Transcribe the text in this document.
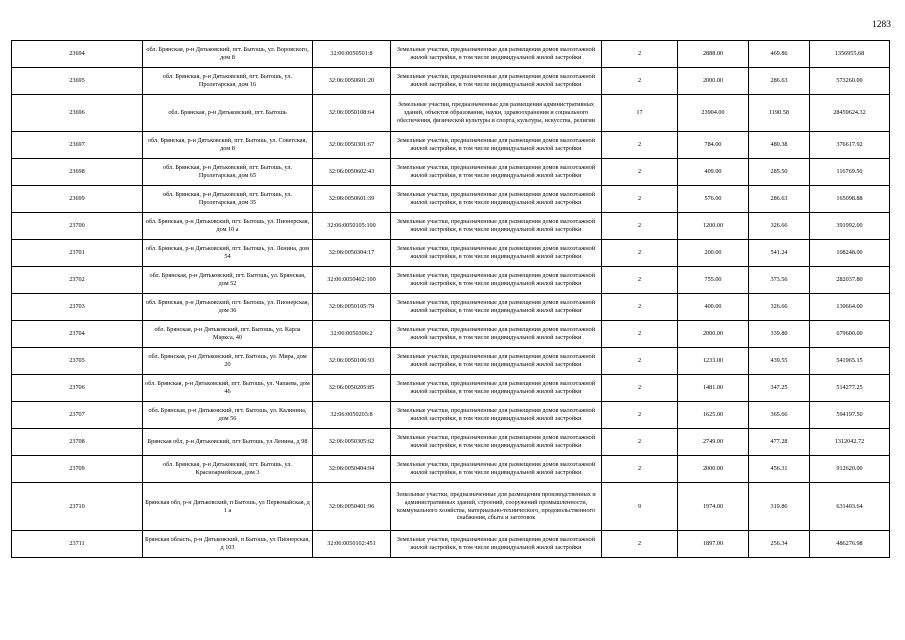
1283
23694	обл. Брянская, р-н Дятьковский, пгт. Бытошь, ул. Воровского, дом 8	32:06:0050501:8	Земельные участки, предназначенные для размещения домов малоэтажной жилой застройки, в том числе индивидуальной жилой застройки	2	2888.00	469.86	1356955.68
23695	обл. Брянская, р-н Дятьковский, пгт. Бытошь, ул. Пролетарская, дом 16	32:06:0050601:20	Земельные участки, предназначенные для размещения домов малоэтажной жилой застройки, в том числе индивидуальной жилой застройки	2	2000.00	286.63	573260.00
23696	обл. Брянская, р-н Дятьковский, пгт. Бытошь	32:06:0050108:64	Земельные участки, предназначенные для размещения административных зданий, объектов образования, науки, здравоохранения и социального обеспечения, физической культуры и спорта, культуры, искусства, религии	17	23904.00	1190.58	28459624.32
23697	обл. Брянская, р-н Дятьковский, пгт. Бытошь, ул. Советская, дом 8	32:06:0050301:67	Земельные участки, предназначенные для размещения домов малоэтажной жилой застройки, в том числе индивидуальной жилой застройки	2	784.00	480.38	376617.92
23698	обл. Брянская, р-н Дятьковский, пгт. Бытошь, ул. Пролетарская, дом 65	32:06:0050602:43	Земельные участки, предназначенные для размещения домов малоэтажной жилой застройки, в том числе индивидуальной жилой застройки	2	409.00	285.50	116769.50
23699	обл. Брянская, р-н Дятьковский, пгт. Бытошь, ул. Пролетарская, дом 35	32:06:0050601:39	Земельные участки, предназначенные для размещения домов малоэтажной жилой застройки, в том числе индивидуальной жилой застройки	2	576.00	286.63	165098.88
23700	обл. Брянская, р-н Дятьковский, пгт. Бытошь, ул. Пионерская, дом 10 а	32:06:0050105:100	Земельные участки, предназначенные для размещения домов малоэтажной жилой застройки, в том числе индивидуальной жилой застройки	2	1200.00	326.66	391992.00
23701	обл. Брянская, р-н Дятьковский, пгт. Бытошь, ул. Ленина, дом 54	32:06:0050304:17	Земельные участки, предназначенные для размещения домов малоэтажной жилой застройки, в том числе индивидуальной жилой застройки	2	200.00	541.24	108248.00
23702	обл. Брянская, р-н Дятьковский, пгт. Бытошь, ул. Брянская, дом 52	32:06:0050402:100	Земельные участки, предназначенные для размещения домов малоэтажной жилой застройки, в том числе индивидуальной жилой застройки	2	755.00	373.56	282037.80
23703	обл. Брянская, р-н Дятьковский, пгт. Бытошь, ул. Пионерская, дом 36	32:06:0050105:79	Земельные участки, предназначенные для размещения домов малоэтажной жилой застройки, в том числе индивидуальной жилой застройки	2	400.00	326.66	130664.00
23704	обл. Брянская, р-н Дятьковский, пгт. Бытошь, ул. Карла Маркса, 40	32:06:0050306:2	Земельные участки, предназначенные для размещения домов малоэтажной жилой застройки, в том числе индивидуальной жилой застройки	2	2000.00	339.80	679600.00
23705	обл. Брянская, р-н Дятьковский, пгт. Бытошь, ул. Мира, дом 20	32:06:0050106:93	Земельные участки, предназначенные для размещения домов малоэтажной жилой застройки, в том числе индивидуальной жилой застройки	2	1233.00	439.55	541965.15
23706	обл. Брянская, р-н Дятьковский, пгт. Бытошь, ул. Чапаева, дом 46	32:06:0050205:85	Земельные участки, предназначенные для размещения домов малоэтажной жилой застройки, в том числе индивидуальной жилой застройки	2	1481.00	347.25	514277.25
23707	обл. Брянская, р-н Дятьковский, пгт. Бытошь, ул. Калинина, дом 56	32:06:0050203:8	Земельные участки, предназначенные для размещения домов малоэтажной жилой застройки, в том числе индивидуальной жилой застройки	2	1625.00	365.66	594197.50
23708	Брянская обл, р-н Дятьковский, пгт Бытошь, ул Ленина, д 98	32:06:0050305:62	Земельные участки, предназначенные для размещения домов малоэтажной жилой застройки, в том числе индивидуальной жилой застройки	2	2749.00	477.28	1312042.72
23709	обл. Брянская, р-н Дятьковский, пгт. Бытошь, ул. Красноармейская, дом 3	32:06:0050404:94	Земельные участки, предназначенные для размещения домов малоэтажной жилой застройки, в том числе индивидуальной жилой застройки	2	2000.00	456.31	912620.00
23710	Брянская обл, р-н Дятьковский, п Бытошь, ул Первомайская, д 1 а	32:06:0050401:96	Земельные участки, предназначенные для размещения производственных и административных зданий, строений, сооружений промышленности, коммунального хозяйства, материально-технического, продовольственного снабжения, сбыта и заготовок	9	1974.00	319.86	631403.64
23711	Брянская область, р-н Дятьковский, п Бытошь, ул Пионерская, д 103	32:06:0050102:451	Земельные участки, предназначенные для размещения домов малоэтажной жилой застройки, в том числе индивидуальной жилой застройки	2	1897.00	256.34	486276.98
